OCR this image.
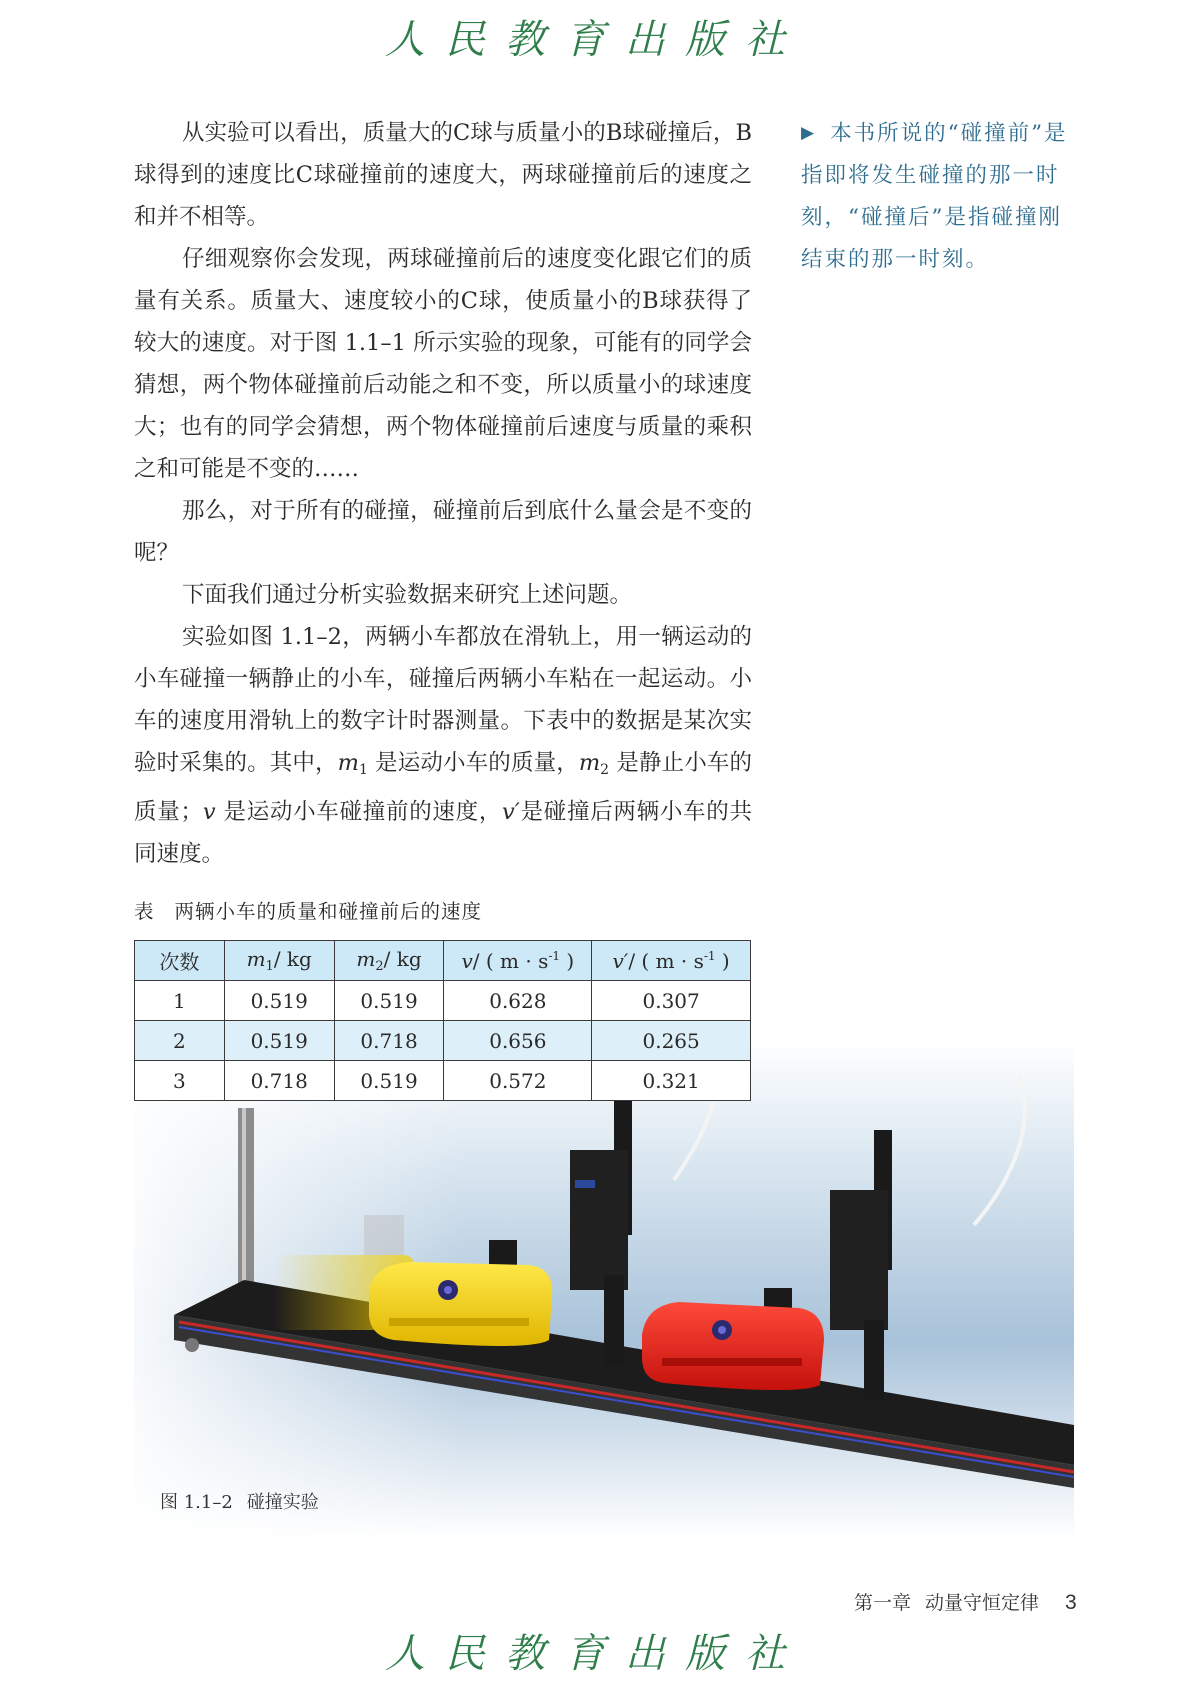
人民教育出版社

从实验可以看出，质量大的C球与质量小的B球碰撞后，B球得到的速度比C球碰撞前的速度大，两球碰撞前后的速度之和并不相等。

仔细观察你会发现，两球碰撞前后的速度变化跟它们的质量有关系。质量大、速度较小的C球，使质量小的B球获得了较大的速度。对于图 1.1–1 所示实验的现象，可能有的同学会猜想，两个物体碰撞前后动能之和不变，所以质量小的球速度大；也有的同学会猜想，两个物体碰撞前后速度与质量的乘积之和可能是不变的……

那么，对于所有的碰撞，碰撞前后到底什么量会是不变的呢？

下面我们通过分析实验数据来研究上述问题。

实验如图 1.1–2，两辆小车都放在滑轨上，用一辆运动的小车碰撞一辆静止的小车，碰撞后两辆小车粘在一起运动。小车的速度用滑轨上的数字计时器测量。下表中的数据是某次实验时采集的。其中，$m_1$ 是运动小车的质量，$m_2$ 是静止小车的质量；v 是运动小车碰撞前的速度，v′是碰撞后两辆小车的共同速度。

▶ 本书所说的“碰撞前”是指即将发生碰撞的那一时刻，“碰撞后”是指碰撞刚结束的那一时刻。
表 两辆小车的质量和碰撞前后的速度
次数	$m_1/$ kg	$m_2/$ kg	v/ ( $m \cdot s^{-1}$ )	v′/ ( $m \cdot s^{-1}$ )
1	0.519	0.519	0.628	0.307
2	0.519	0.718	0.656	0.265
3	0.718	0.519	0.572	0.321
图 1.1–2 碰撞实验
第一章 动量守恒定律 3
人民教育出版社
